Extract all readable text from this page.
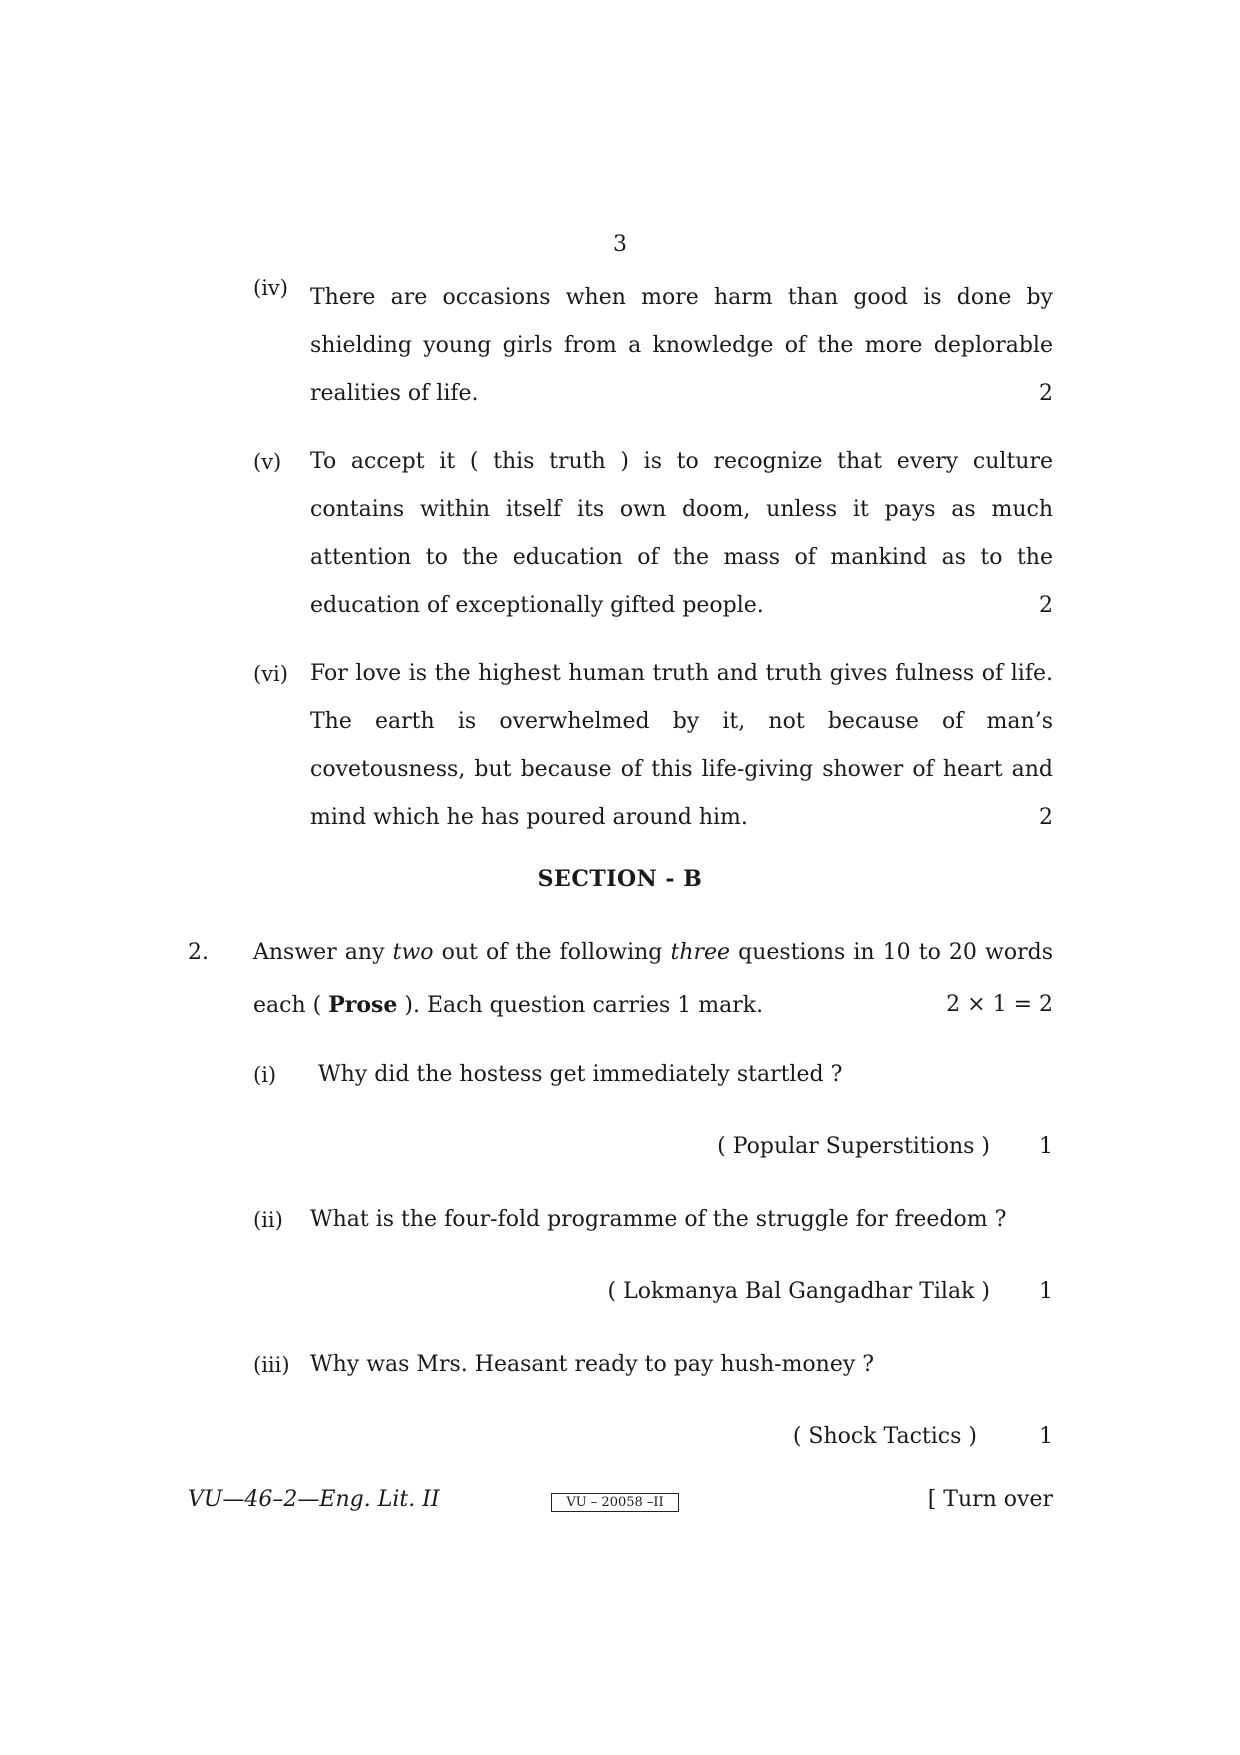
3
(iv) There are occasions when more harm than good is done by
shielding young girls from a knowledge of the more deplorable
realities of life.	2
(v) To accept it ( this truth ) is to recognize that every culture
contains within itself its own doom, unless it pays as much
attention to the education of the mass of mankind as to the
education of exceptionally gifted people.	2
(vi) For love is the highest human truth and truth gives fulness of life.
The earth is overwhelmed by it, not because of man’s
covetousness, but because of this life-giving shower of heart and
mind which he has poured around him.	2
SECTION - B
2. Answer any two out of the following three questions in 10 to 20 words
each ( Prose ). Each question carries 1 mark.	2 × 1 = 2
(i)	Why did the hostess get immediately startled ?
( Popular Superstitions )	1
(ii)	What is the four-fold programme of the struggle for freedom ?
( Lokmanya Bal Gangadhar Tilak )	1
(iii) Why was Mrs. Heasant ready to pay hush-money ?
( Shock Tactics )	1
VU—46–2—Eng. Lit. II	VU – 20058 –II	[ Turn over
